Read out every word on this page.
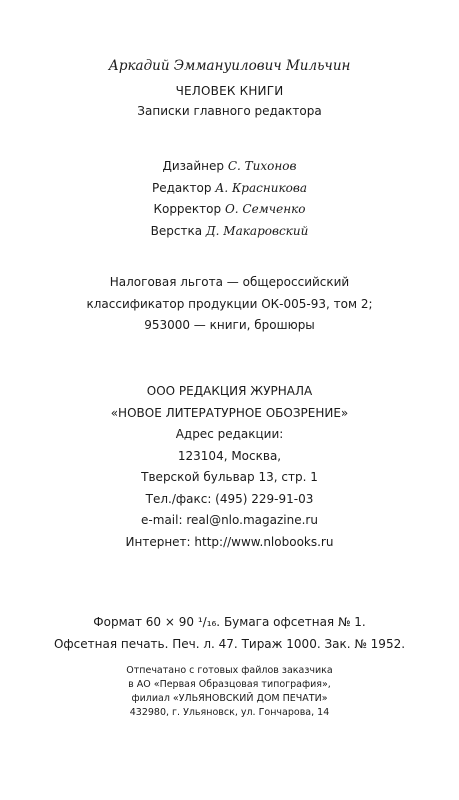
Аркадий Эммануилович Мильчин
ЧЕЛОВЕК КНИГИ
Записки главного редактора
Дизайнер С. Тихонов
Редактор А. Красникова
Корректор О. Семченко
Верстка Д. Макаровский
Налоговая льгота — общероссийский
классификатор продукции ОК-005-93, том 2;
953000 — книги, брошюры
ООО РЕДАКЦИЯ ЖУРНАЛА
«НОВОЕ ЛИТЕРАТУРНОЕ ОБОЗРЕНИЕ»
Адрес редакции:
123104, Москва,
Тверской бульвар 13, стр. 1
Тел./факс: (495) 229-91-03
e-mail: real@nlo.magazine.ru
Интернет: http://www.nlobooks.ru
Формат 60 × 90 ¹/₁₆. Бумага офсетная № 1.
Офсетная печать. Печ. л. 47. Тираж 1000. Зак. № 1952.
Отпечатано с готовых файлов заказчика
в АО «Первая Образцовая типография»,
филиал «УЛЬЯНОВСКИЙ ДОМ ПЕЧАТИ»
432980, г. Ульяновск, ул. Гончарова, 14
